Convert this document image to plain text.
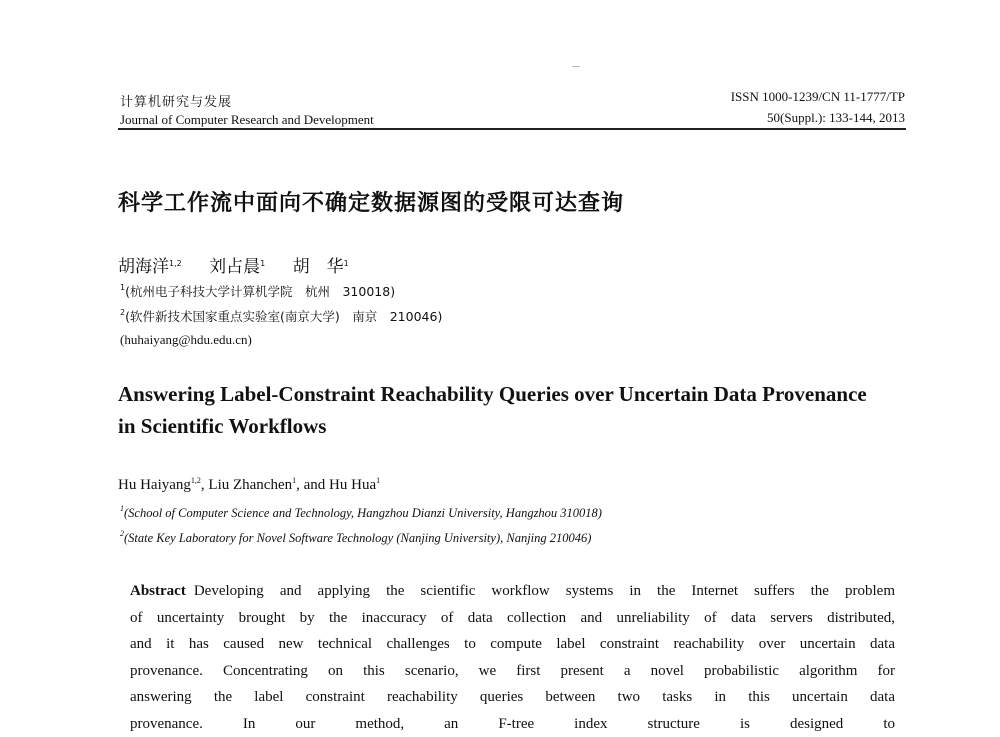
计算机研究与发展
Journal of Computer Research and Development
ISSN 1000-1239/CN 11-1777/TP
50(Suppl.): 133-144, 2013
科学工作流中面向不确定数据源图的受限可达查询
胡海洋$^{1,2}$ 刘占晨$^1$ 胡　华$^1$
$^1$(杭州电子科技大学计算机学院　杭州　310018)
$^2$(软件新技术国家重点实验室(南京大学)　南京　210046)
(huhaiyang@hdu.edu.cn)
Answering Label-Constraint Reachability Queries over Uncertain Data Provenance
in Scientific Workflows
Hu Haiyang$^{1,2}$, Liu Zhanchen$^1$, and Hu Hua$^1$
$^1$(School of Computer Science and Technology, Hangzhou Dianzi University, Hangzhou 310018)
$^2$(State Key Laboratory for Novel Software Technology (Nanjing University), Nanjing 210046)
Abstract Developing and applying the scientific workflow systems in the Internet suffers the problem
of uncertainty brought by the inaccuracy of data collection and unreliability of data servers distributed,
and it has caused new technical challenges to compute label constraint reachability over uncertain data
provenance. Concentrating on this scenario, we first present a novel probabilistic algorithm for
answering the label constraint reachability queries between two tasks in this uncertain data
provenance. In our method, an F-tree index structure is designed to
